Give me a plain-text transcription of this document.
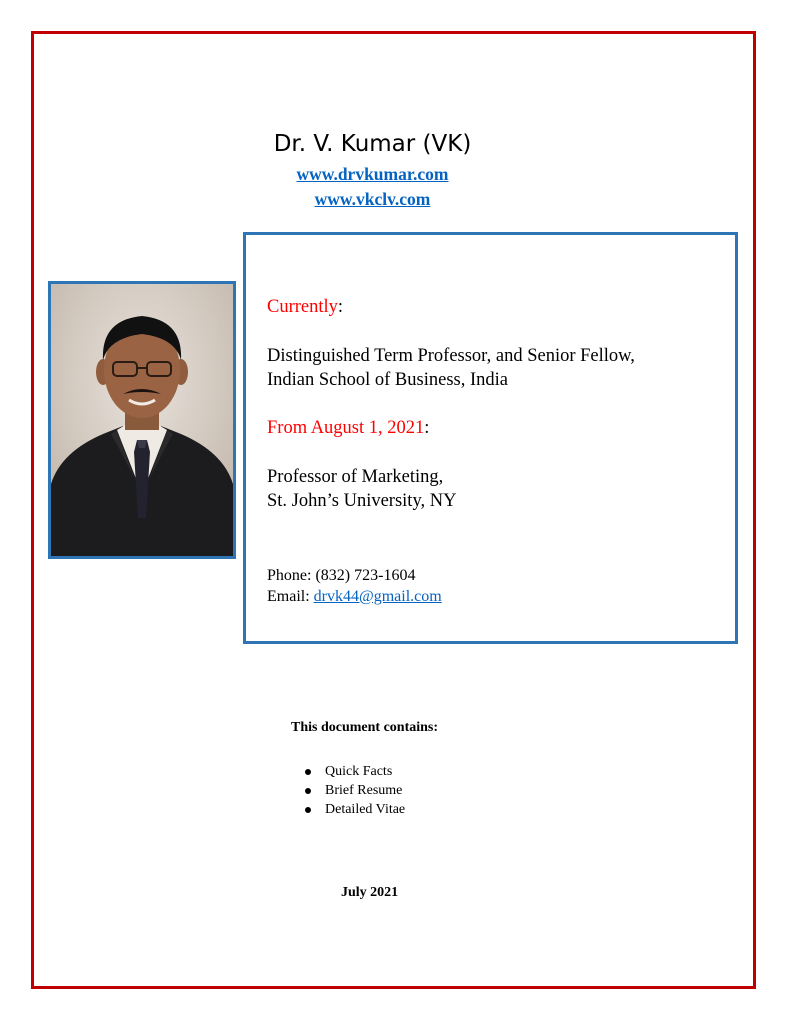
Dr. V. Kumar (VK)
www.drvkumar.com
www.vkclv.com
Currently:
Distinguished Term Professor, and Senior Fellow,
Indian School of Business, India
From August 1, 2021:
Professor of Marketing,
St. John’s University, NY
Phone: (832) 723-1604
Email: drvk44@gmail.com
This document contains:
Quick Facts
Brief Resume
Detailed Vitae
July 2021
